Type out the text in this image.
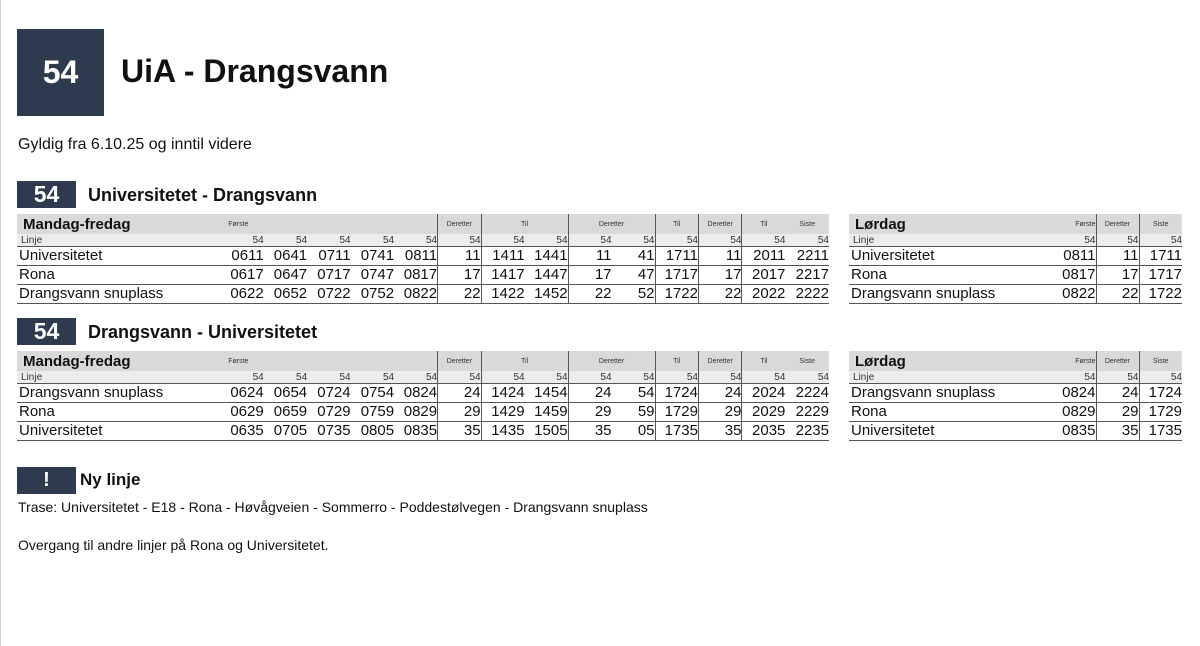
54	UiA - Drangsvann
Gyldig fra 6.10.25 og inntil videre
54	Universitetet - Drangsvann
Mandag-fredag	Første					Deretter	Til		Deretter		Til	Deretter	Til	Siste
Linje	54	54	54	54	54	54	54	54	54	54	54	54	54	54
Universitetet	0611	0641	0711	0741	0811	11	1411	1441	11	41	1711	11	2011	2211
Rona	0617	0647	0717	0747	0817	17	1417	1447	17	47	1717	17	2017	2217
Drangsvann snuplass	0622	0652	0722	0752	0822	22	1422	1452	22	52	1722	22	2022	2222
Lørdag	Første	Deretter	Siste
Linje	54	54	54
Universitetet	0811	11	1711
Rona	0817	17	1717
Drangsvann snuplass	0822	22	1722
54	Drangsvann - Universitetet
Mandag-fredag	Første					Deretter	Til		Deretter		Til	Deretter	Til	Siste
Linje	54	54	54	54	54	54	54	54	54	54	54	54	54	54
Drangsvann snuplass	0624	0654	0724	0754	0824	24	1424	1454	24	54	1724	24	2024	2224
Rona	0629	0659	0729	0759	0829	29	1429	1459	29	59	1729	29	2029	2229
Universitetet	0635	0705	0735	0805	0835	35	1435	1505	35	05	1735	35	2035	2235
Lørdag	Første	Deretter	Siste
Linje	54	54	54
Drangsvann snuplass	0824	24	1724
Rona	0829	29	1729
Universitetet	0835	35	1735
!	Ny linje
Trase: Universitetet - E18 - Rona - Høvågveien - Sommerro - Poddestølvegen - Drangsvann snuplass
Overgang til andre linjer på Rona og Universitetet.
